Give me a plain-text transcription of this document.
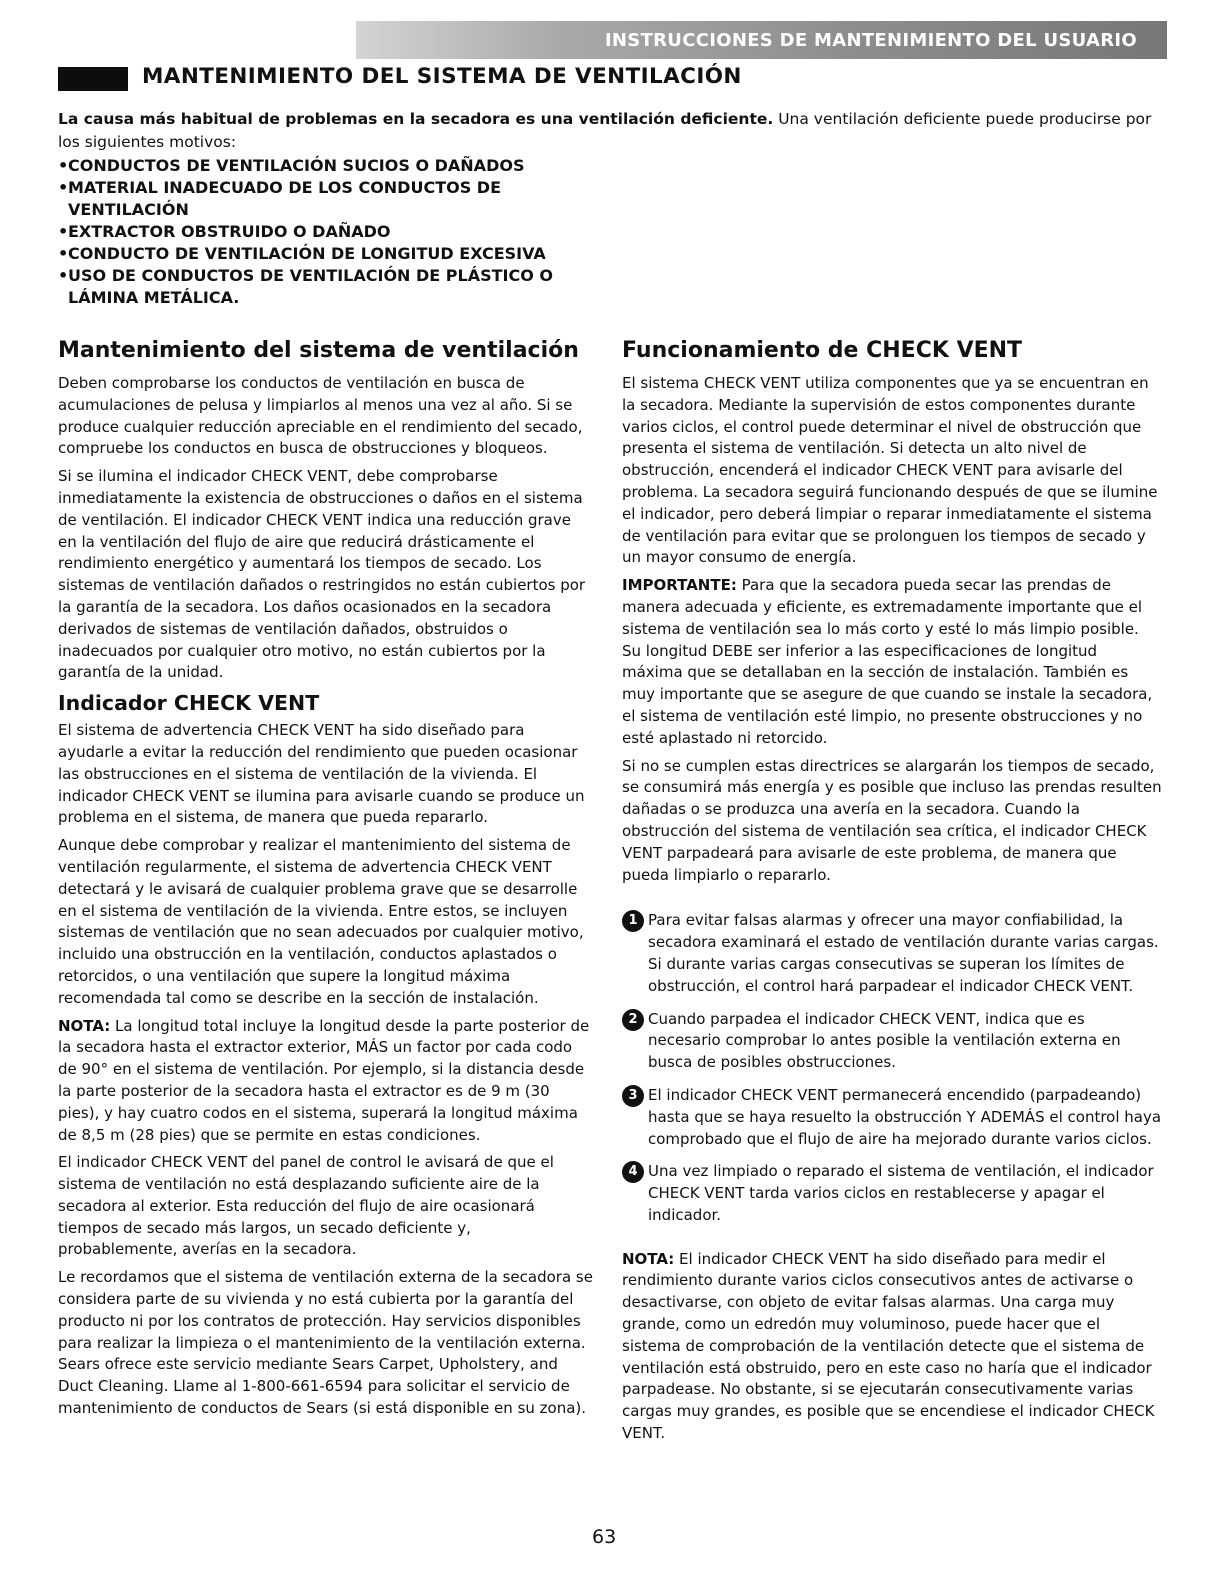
INSTRUCCIONES DE MANTENIMIENTO DEL USUARIO
MANTENIMIENTO DEL SISTEMA DE VENTILACIÓN
La causa más habitual de problemas en la secadora es una ventilación deficiente. Una ventilación deficiente puede producirse por los siguientes motivos:
• CONDUCTOS DE VENTILACIÓN SUCIOS O DAÑADOS
• MATERIAL INADECUADO DE LOS CONDUCTOS DE VENTILACIÓN
• EXTRACTOR OBSTRUIDO O DAÑADO
• CONDUCTO DE VENTILACIÓN DE LONGITUD EXCESIVA
• USO DE CONDUCTOS DE VENTILACIÓN DE PLÁSTICO O LÁMINA METÁLICA.
Mantenimiento del sistema de ventilación

Deben comprobarse los conductos de ventilación en busca de acumulaciones de pelusa y limpiarlos al menos una vez al año. Si se produce cualquier reducción apreciable en el rendimiento del secado, compruebe los conductos en busca de obstrucciones y bloqueos.

Si se ilumina el indicador CHECK VENT, debe comprobarse inmediatamente la existencia de obstrucciones o daños en el sistema de ventilación. El indicador CHECK VENT indica una reducción grave en la ventilación del flujo de aire que reducirá drásticamente el rendimiento energético y aumentará los tiempos de secado. Los sistemas de ventilación dañados o restringidos no están cubiertos por la garantía de la secadora. Los daños ocasionados en la secadora derivados de sistemas de ventilación dañados, obstruidos o inadecuados por cualquier otro motivo, no están cubiertos por la garantía de la unidad.

Indicador CHECK VENT

El sistema de advertencia CHECK VENT ha sido diseñado para ayudarle a evitar la reducción del rendimiento que pueden ocasionar las obstrucciones en el sistema de ventilación de la vivienda. El indicador CHECK VENT se ilumina para avisarle cuando se produce un problema en el sistema, de manera que pueda repararlo.

Aunque debe comprobar y realizar el mantenimiento del sistema de ventilación regularmente, el sistema de advertencia CHECK VENT detectará y le avisará de cualquier problema grave que se desarrolle en el sistema de ventilación de la vivienda. Entre estos, se incluyen sistemas de ventilación que no sean adecuados por cualquier motivo, incluido una obstrucción en la ventilación, conductos aplastados o retorcidos, o una ventilación que supere la longitud máxima recomendada tal como se describe en la sección de instalación.

NOTA: La longitud total incluye la longitud desde la parte posterior de la secadora hasta el extractor exterior, MÁS un factor por cada codo de 90° en el sistema de ventilación. Por ejemplo, si la distancia desde la parte posterior de la secadora hasta el extractor es de 9 m (30 pies), y hay cuatro codos en el sistema, superará la longitud máxima de 8,5 m (28 pies) que se permite en estas condiciones.

El indicador CHECK VENT del panel de control le avisará de que el sistema de ventilación no está desplazando suficiente aire de la secadora al exterior. Esta reducción del flujo de aire ocasionará tiempos de secado más largos, un secado deficiente y, probablemente, averías en la secadora.

Le recordamos que el sistema de ventilación externa de la secadora se considera parte de su vivienda y no está cubierta por la garantía del producto ni por los contratos de protección. Hay servicios disponibles para realizar la limpieza o el mantenimiento de la ventilación externa. Sears ofrece este servicio mediante Sears Carpet, Upholstery, and Duct Cleaning. Llame al 1-800-661-6594 para solicitar el servicio de mantenimiento de conductos de Sears (si está disponible en su zona).

Funcionamiento de CHECK VENT

El sistema CHECK VENT utiliza componentes que ya se encuentran en la secadora. Mediante la supervisión de estos componentes durante varios ciclos, el control puede determinar el nivel de obstrucción que presenta el sistema de ventilación. Si detecta un alto nivel de obstrucción, encenderá el indicador CHECK VENT para avisarle del problema. La secadora seguirá funcionando después de que se ilumine el indicador, pero deberá limpiar o reparar inmediatamente el sistema de ventilación para evitar que se prolonguen los tiempos de secado y un mayor consumo de energía.

IMPORTANTE: Para que la secadora pueda secar las prendas de manera adecuada y eficiente, es extremadamente importante que el sistema de ventilación sea lo más corto y esté lo más limpio posible. Su longitud DEBE ser inferior a las especificaciones de longitud máxima que se detallaban en la sección de instalación. También es muy importante que se asegure de que cuando se instale la secadora, el sistema de ventilación esté limpio, no presente obstrucciones y no esté aplastado ni retorcido.

Si no se cumplen estas directrices se alargarán los tiempos de secado, se consumirá más energía y es posible que incluso las prendas resulten dañadas o se produzca una avería en la secadora. Cuando la obstrucción del sistema de ventilación sea crítica, el indicador CHECK VENT parpadeará para avisarle de este problema, de manera que pueda limpiarlo o repararlo.

1 Para evitar falsas alarmas y ofrecer una mayor confiabilidad, la secadora examinará el estado de ventilación durante varias cargas. Si durante varias cargas consecutivas se superan los límites de obstrucción, el control hará parpadear el indicador CHECK VENT.
2 Cuando parpadea el indicador CHECK VENT, indica que es necesario comprobar lo antes posible la ventilación externa en busca de posibles obstrucciones.
3 El indicador CHECK VENT permanecerá encendido (parpadeando) hasta que se haya resuelto la obstrucción Y ADEMÁS el control haya comprobado que el flujo de aire ha mejorado durante varios ciclos.
4 Una vez limpiado o reparado el sistema de ventilación, el indicador CHECK VENT tarda varios ciclos en restablecerse y apagar el indicador.

NOTA: El indicador CHECK VENT ha sido diseñado para medir el rendimiento durante varios ciclos consecutivos antes de activarse o desactivarse, con objeto de evitar falsas alarmas. Una carga muy grande, como un edredón muy voluminoso, puede hacer que el sistema de comprobación de la ventilación detecte que el sistema de ventilación está obstruido, pero en este caso no haría que el indicador parpadease. No obstante, si se ejecutarán consecutivamente varias cargas muy grandes, es posible que se encendiese el indicador CHECK VENT.

63
